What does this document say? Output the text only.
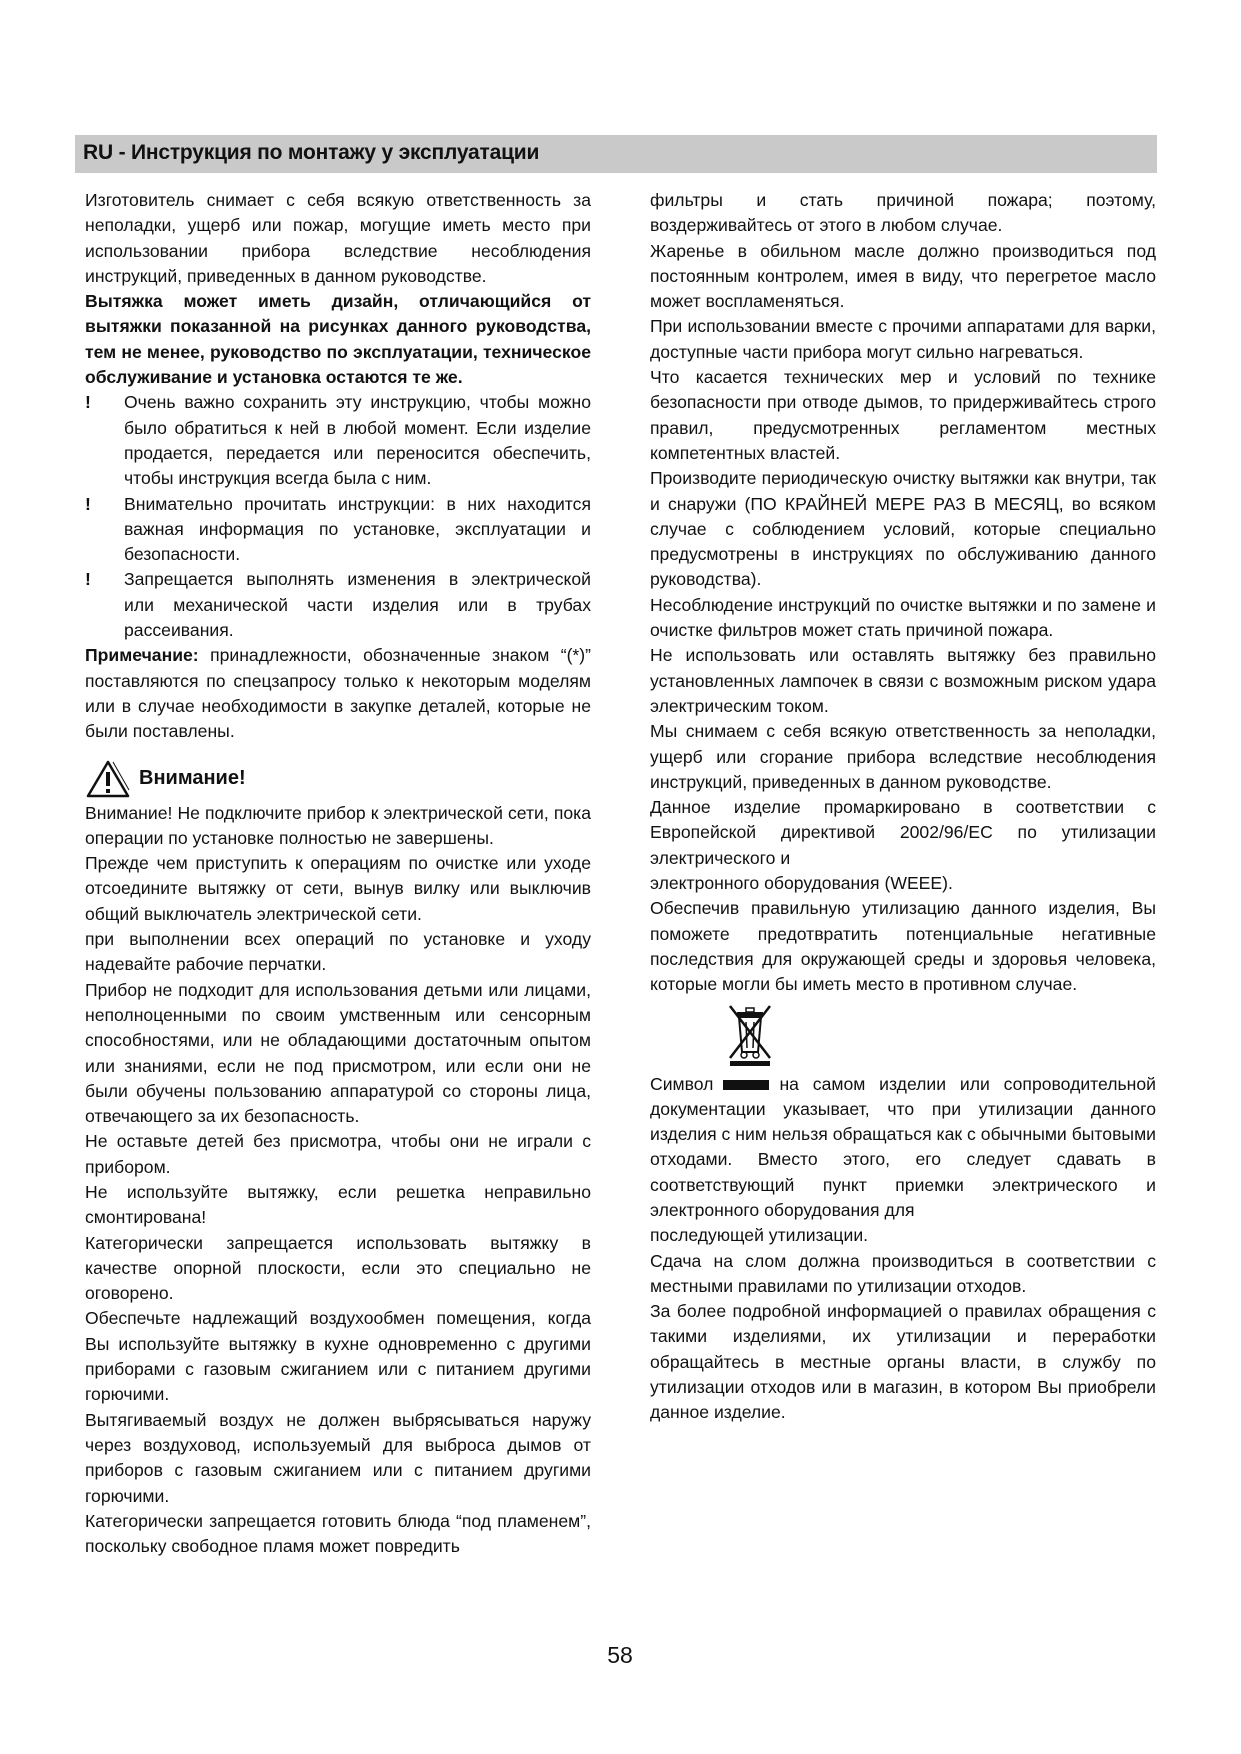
RU - Инструкция по монтажу у эксплуатации

Изготовитель снимает с себя всякую ответственность за неполадки, ущерб или пожар, могущие иметь место при использовании прибора вследствие несоблюдения инструкций, приведенных в данном руководстве.

Вытяжка может иметь дизайн, отличающийся от вытяжки показанной на рисунках данного руководства, тем не менее, руководство по эксплуатации, техническое обслуживание и установка остаются те же.

! Очень важно сохранить эту инструкцию, чтобы можно было обратиться к ней в любой момент. Если изделие продается, передается или переносится обеспечить, чтобы инструкция всегда была с ним.
! Внимательно прочитать инструкции: в них находится важная информация по установке, эксплуатации и безопасности.
! Запрещается выполнять изменения в электрической или механической части изделия или в трубах рассеивания.

Примечание: принадлежности, обозначенные знаком “(*)” поставляются по спецзапросу только к некоторым моделям или в случае необходимости в закупке деталей, которые не были поставлены.

Внимание!

Внимание! Не подключите прибор к электрической сети, пока операции по установке полностью не завершены.

Прежде чем приступить к операциям по очистке или уходе отсоедините вытяжку от сети, вынув вилку или выключив общий выключатель электрической сети.

при выполнении всех операций по установке и уходу надевайте рабочие перчатки.

Прибор не подходит для использования детьми или лицами, неполноценными по своим умственным или сенсорным способностями, или не обладающими достаточным опытом или знаниями, если не под присмотром, или если они не были обучены пользованию аппаратурой со стороны лица, отвечающего за их безопасность.

Не оставьте детей без присмотра, чтобы они не играли с прибором.

Не используйте вытяжку, если решетка неправильно смонтирована!

Категорически запрещается использовать вытяжку в качестве опорной плоскости, если это специально не оговорено.

Обеспечьте надлежащий воздухообмен помещения, когда Вы используйте вытяжку в кухне одновременно с другими приборами с газовым сжиганием или с питанием другими горючими.

Вытягиваемый воздух не должен выбрясываться наружу через воздуховод, используемый для выброса дымов от приборов с газовым сжиганием или с питанием другими горючими.

Категорически запрещается готовить блюда “под пламенем”, поскольку свободное пламя может повредить

фильтры и стать причиной пожара; поэтому, воздерживайтесь от этого в любом случае.

Жаренье в обильном масле должно производиться под постоянным контролем, имея в виду, что перегретое масло может воспламеняться.

При использовании вместе с прочими аппаратами для варки, доступные части прибора могут сильно нагреваться.

Что касается технических мер и условий по технике безопасности при отводе дымов, то придерживайтесь строго правил, предусмотренных регламентом местных компетентных властей.

Производите периодическую очистку вытяжки как внутри, так и снаружи (ПО КРАЙНЕЙ МЕРЕ РАЗ В МЕСЯЦ, во всяком случае с соблюдением условий, которые специально предусмотрены в инструкциях по обслуживанию данного руководства).

Несоблюдение инструкций по очистке вытяжки и по замене и очистке фильтров может стать причиной пожара.

Не использовать или оставлять вытяжку без правильно установленных лампочек в связи с возможным риском удара электрическим током.

Мы снимаем с себя всякую ответственность за неполадки, ущерб или сгорание прибора вследствие несоблюдения инструкций, приведенных в данном руководстве.

Данное изделие промаркировано в соответствии с Европейской директивой 2002/96/EC по утилизации электрического и

электронного оборудования (WEEE).

Обеспечив правильную утилизацию данного изделия, Вы поможете предотвратить потенциальные негативные последствия для окружающей среды и здоровья человека, которые могли бы иметь место в противном случае.

Символ	на самом изделии или сопроводительной документации указывает, что при утилизации данного изделия с ним нельзя обращаться как с обычными бытовыми отходами. Вместо этого, его следует сдавать в соответствующий пункт приемки электрического и электронного оборудования для

последующей утилизации.

Сдача на слом должна производиться в соответствии с местными правилами по утилизации отходов.

За более подробной информацией о правилах обращения с такими изделиями, их утилизации и переработки обращайтесь в местные органы власти, в службу по утилизации отходов или в магазин, в котором Вы приобрели данное изделие.

58
